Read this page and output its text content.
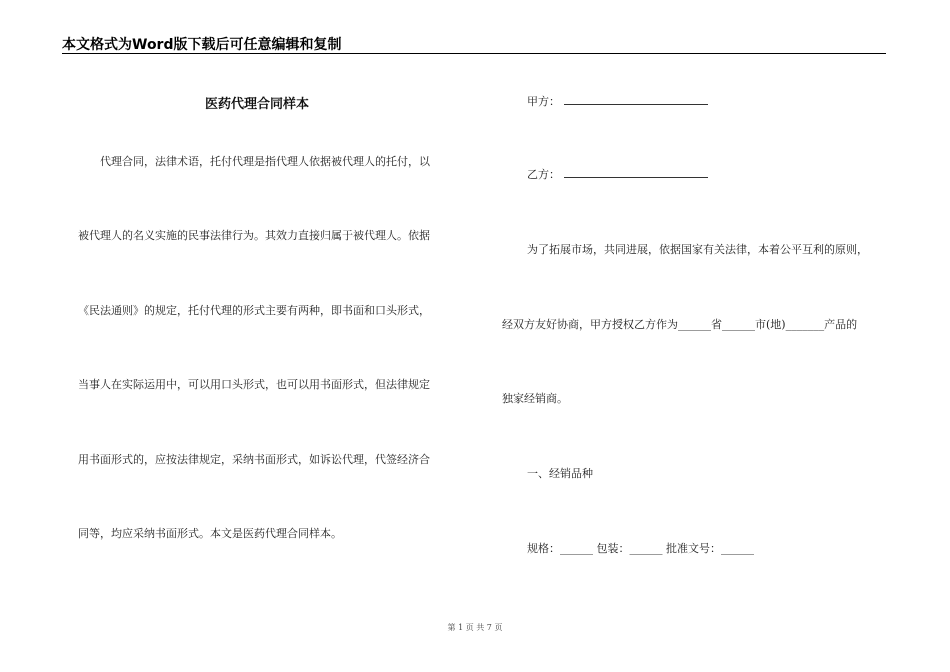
本文格式为Word版下载后可任意编辑和复制
医药代理合同样本
代理合同，法律术语，托付代理是指代理人依据被代理人的托付，以
被代理人的名义实施的民事法律行为。其效力直接归属于被代理人。依据
《民法通则》的规定，托付代理的形式主要有两种，即书面和口头形式，
当事人在实际运用中，可以用口头形式，也可以用书面形式，但法律规定
用书面形式的，应按法律规定，采纳书面形式，如诉讼代理，代签经济合
同等，均应采纳书面形式。本文是医药代理合同样本。
甲方：
乙方：
为了拓展市场，共同进展，依据国家有关法律，本着公平互利的原则，
经双方友好协商，甲方授权乙方作为______省______市(地)_______产品的
独家经销商。
一、经销品种
规格：______ 包装：______ 批准文号：______
第 1 页 共 7 页
